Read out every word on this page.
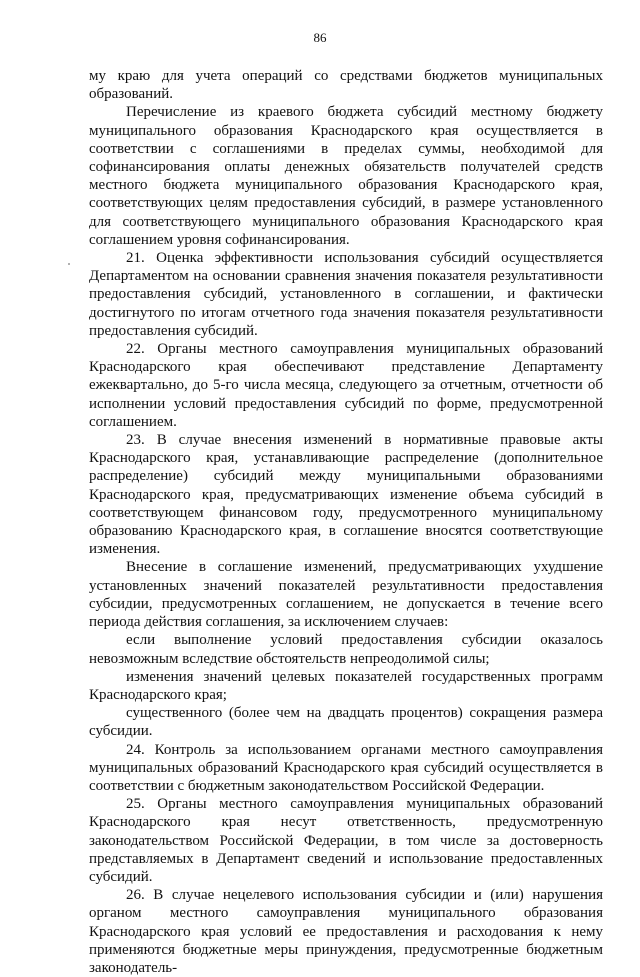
86

му краю для учета операций со средствами бюджетов муниципальных образований.

Перечисление из краевого бюджета субсидий местному бюджету муниципального образования Краснодарского края осуществляется в соответствии с соглашениями в пределах суммы, необходимой для софинансирования оплаты денежных обязательств получателей средств местного бюджета муниципального образования Краснодарского края, соответствующих целям предоставления субсидий, в размере установленного для соответствующего муниципального образования Краснодарского края соглашением уровня софинансирования.

21. Оценка эффективности использования субсидий осуществляется Департаментом на основании сравнения значения показателя результативности предоставления субсидий, установленного в соглашении, и фактически достигнутого по итогам отчетного года значения показателя результативности предоставления субсидий.

22. Органы местного самоуправления муниципальных образований Краснодарского края обеспечивают представление Департаменту ежеквартально, до 5-го числа месяца, следующего за отчетным, отчетности об исполнении условий предоставления субсидий по форме, предусмотренной соглашением.

23. В случае внесения изменений в нормативные правовые акты Краснодарского края, устанавливающие распределение (дополнительное распределение) субсидий между муниципальными образованиями Краснодарского края, предусматривающих изменение объема субсидий в соответствующем финансовом году, предусмотренного муниципальному образованию Краснодарского края, в соглашение вносятся соответствующие изменения.

Внесение в соглашение изменений, предусматривающих ухудшение установленных значений показателей результативности предоставления субсидии, предусмотренных соглашением, не допускается в течение всего периода действия соглашения, за исключением случаев:

если выполнение условий предоставления субсидии оказалось невозможным вследствие обстоятельств непреодолимой силы;

изменения значений целевых показателей государственных программ Краснодарского края;

существенного (более чем на двадцать процентов) сокращения размера субсидии.

24. Контроль за использованием органами местного самоуправления муниципальных образований Краснодарского края субсидий осуществляется в соответствии с бюджетным законодательством Российской Федерации.

25. Органы местного самоуправления муниципальных образований Краснодарского края несут ответственность, предусмотренную законодательством Российской Федерации, в том числе за достоверность представляемых в Департамент сведений и использование предоставленных субсидий.

26. В случае нецелевого использования субсидии и (или) нарушения органом местного самоуправления муниципального образования Краснодарского края условий ее предоставления и расходования к нему применяются бюджетные меры принуждения, предусмотренные бюджетным законодатель-
